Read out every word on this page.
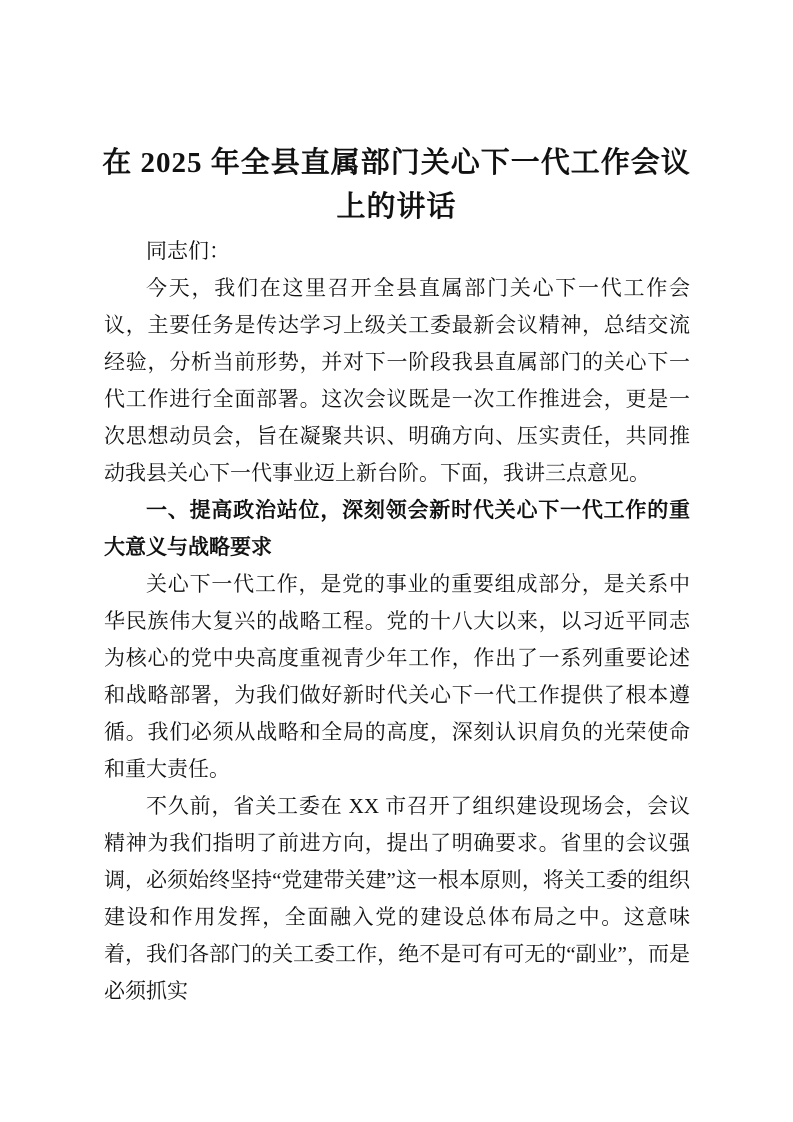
在 2025 年全县直属部门关心下一代工作会议
上的讲话

同志们：

今天，我们在这里召开全县直属部门关心下一代工作会议，主要任务是传达学习上级关工委最新会议精神，总结交流经验，分析当前形势，并对下一阶段我县直属部门的关心下一代工作进行全面部署。这次会议既是一次工作推进会，更是一次思想动员会，旨在凝聚共识、明确方向、压实责任，共同推动我县关心下一代事业迈上新台阶。下面，我讲三点意见。

一、提高政治站位，深刻领会新时代关心下一代工作的重大意义与战略要求

关心下一代工作，是党的事业的重要组成部分，是关系中华民族伟大复兴的战略工程。党的十八大以来，以习近平同志为核心的党中央高度重视青少年工作，作出了一系列重要论述和战略部署，为我们做好新时代关心下一代工作提供了根本遵循。我们必须从战略和全局的高度，深刻认识肩负的光荣使命和重大责任。

不久前，省关工委在 XX 市召开了组织建设现场会，会议精神为我们指明了前进方向，提出了明确要求。省里的会议强调，必须始终坚持“党建带关建”这一根本原则，将关工委的组织建设和作用发挥，全面融入党的建设总体布局之中。这意味着，我们各部门的关工委工作，绝不是可有可无的“副业”，而是必须抓实
